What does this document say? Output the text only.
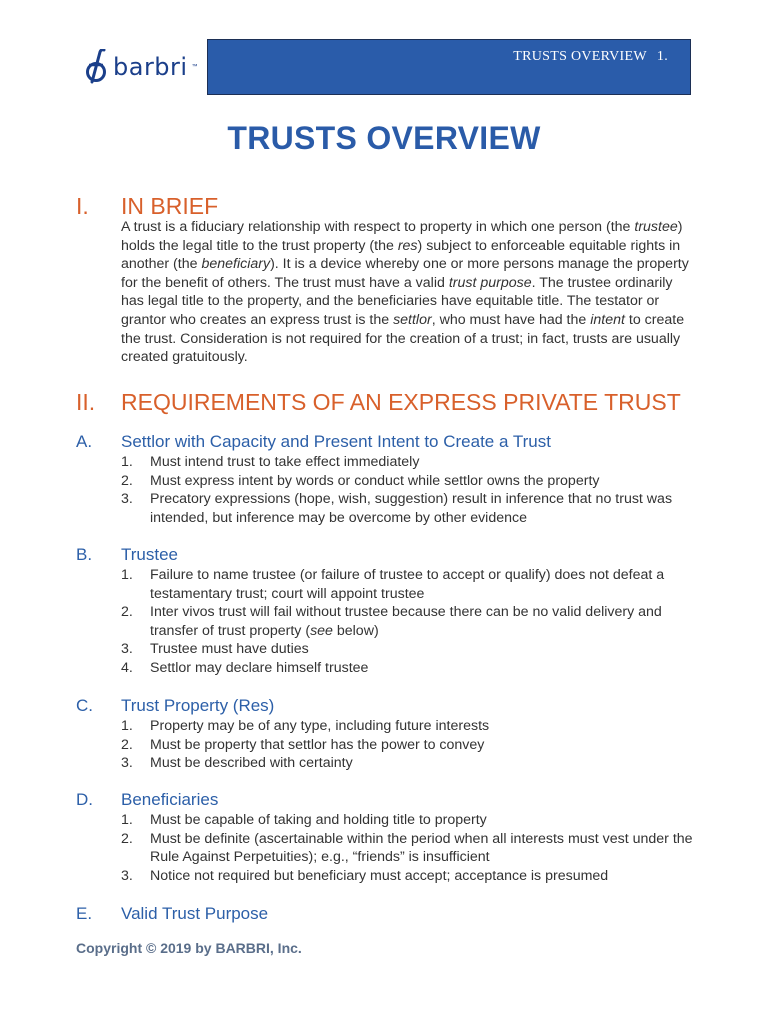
barbri ™
TRUSTS OVERVIEW 1.
TRUSTS OVERVIEW
I. IN BRIEF

A trust is a fiduciary relationship with respect to property in which one person (the trustee) holds the legal title to the trust property (the res) subject to enforceable equitable rights in another (the beneficiary). It is a device whereby one or more persons manage the property for the benefit of others. The trust must have a valid trust purpose. The trustee ordinarily has legal title to the property, and the beneficiaries have equitable title. The testator or grantor who creates an express trust is the settlor, who must have had the intent to create the trust. Consideration is not required for the creation of a trust; in fact, trusts are usually created gratuitously.

II. REQUIREMENTS OF AN EXPRESS PRIVATE TRUST
A. Settlor with Capacity and Present Intent to Create a Trust
1. Must intend trust to take effect immediately
2. Must express intent by words or conduct while settlor owns the property
3. Precatory expressions (hope, wish, suggestion) result in inference that no trust was intended, but inference may be overcome by other evidence
B. Trustee
1. Failure to name trustee (or failure of trustee to accept or qualify) does not defeat a testamentary trust; court will appoint trustee
2. Inter vivos trust will fail without trustee because there can be no valid delivery and transfer of trust property (see below)
3. Trustee must have duties
4. Settlor may declare himself trustee
C. Trust Property (Res)
1. Property may be of any type, including future interests
2. Must be property that settlor has the power to convey
3. Must be described with certainty
D. Beneficiaries
1. Must be capable of taking and holding title to property
2. Must be definite (ascertainable within the period when all interests must vest under the Rule Against Perpetuities); e.g., “friends” is insufficient
3. Notice not required but beneficiary must accept; acceptance is presumed
E. Valid Trust Purpose
Copyright © 2019 by BARBRI, Inc.
